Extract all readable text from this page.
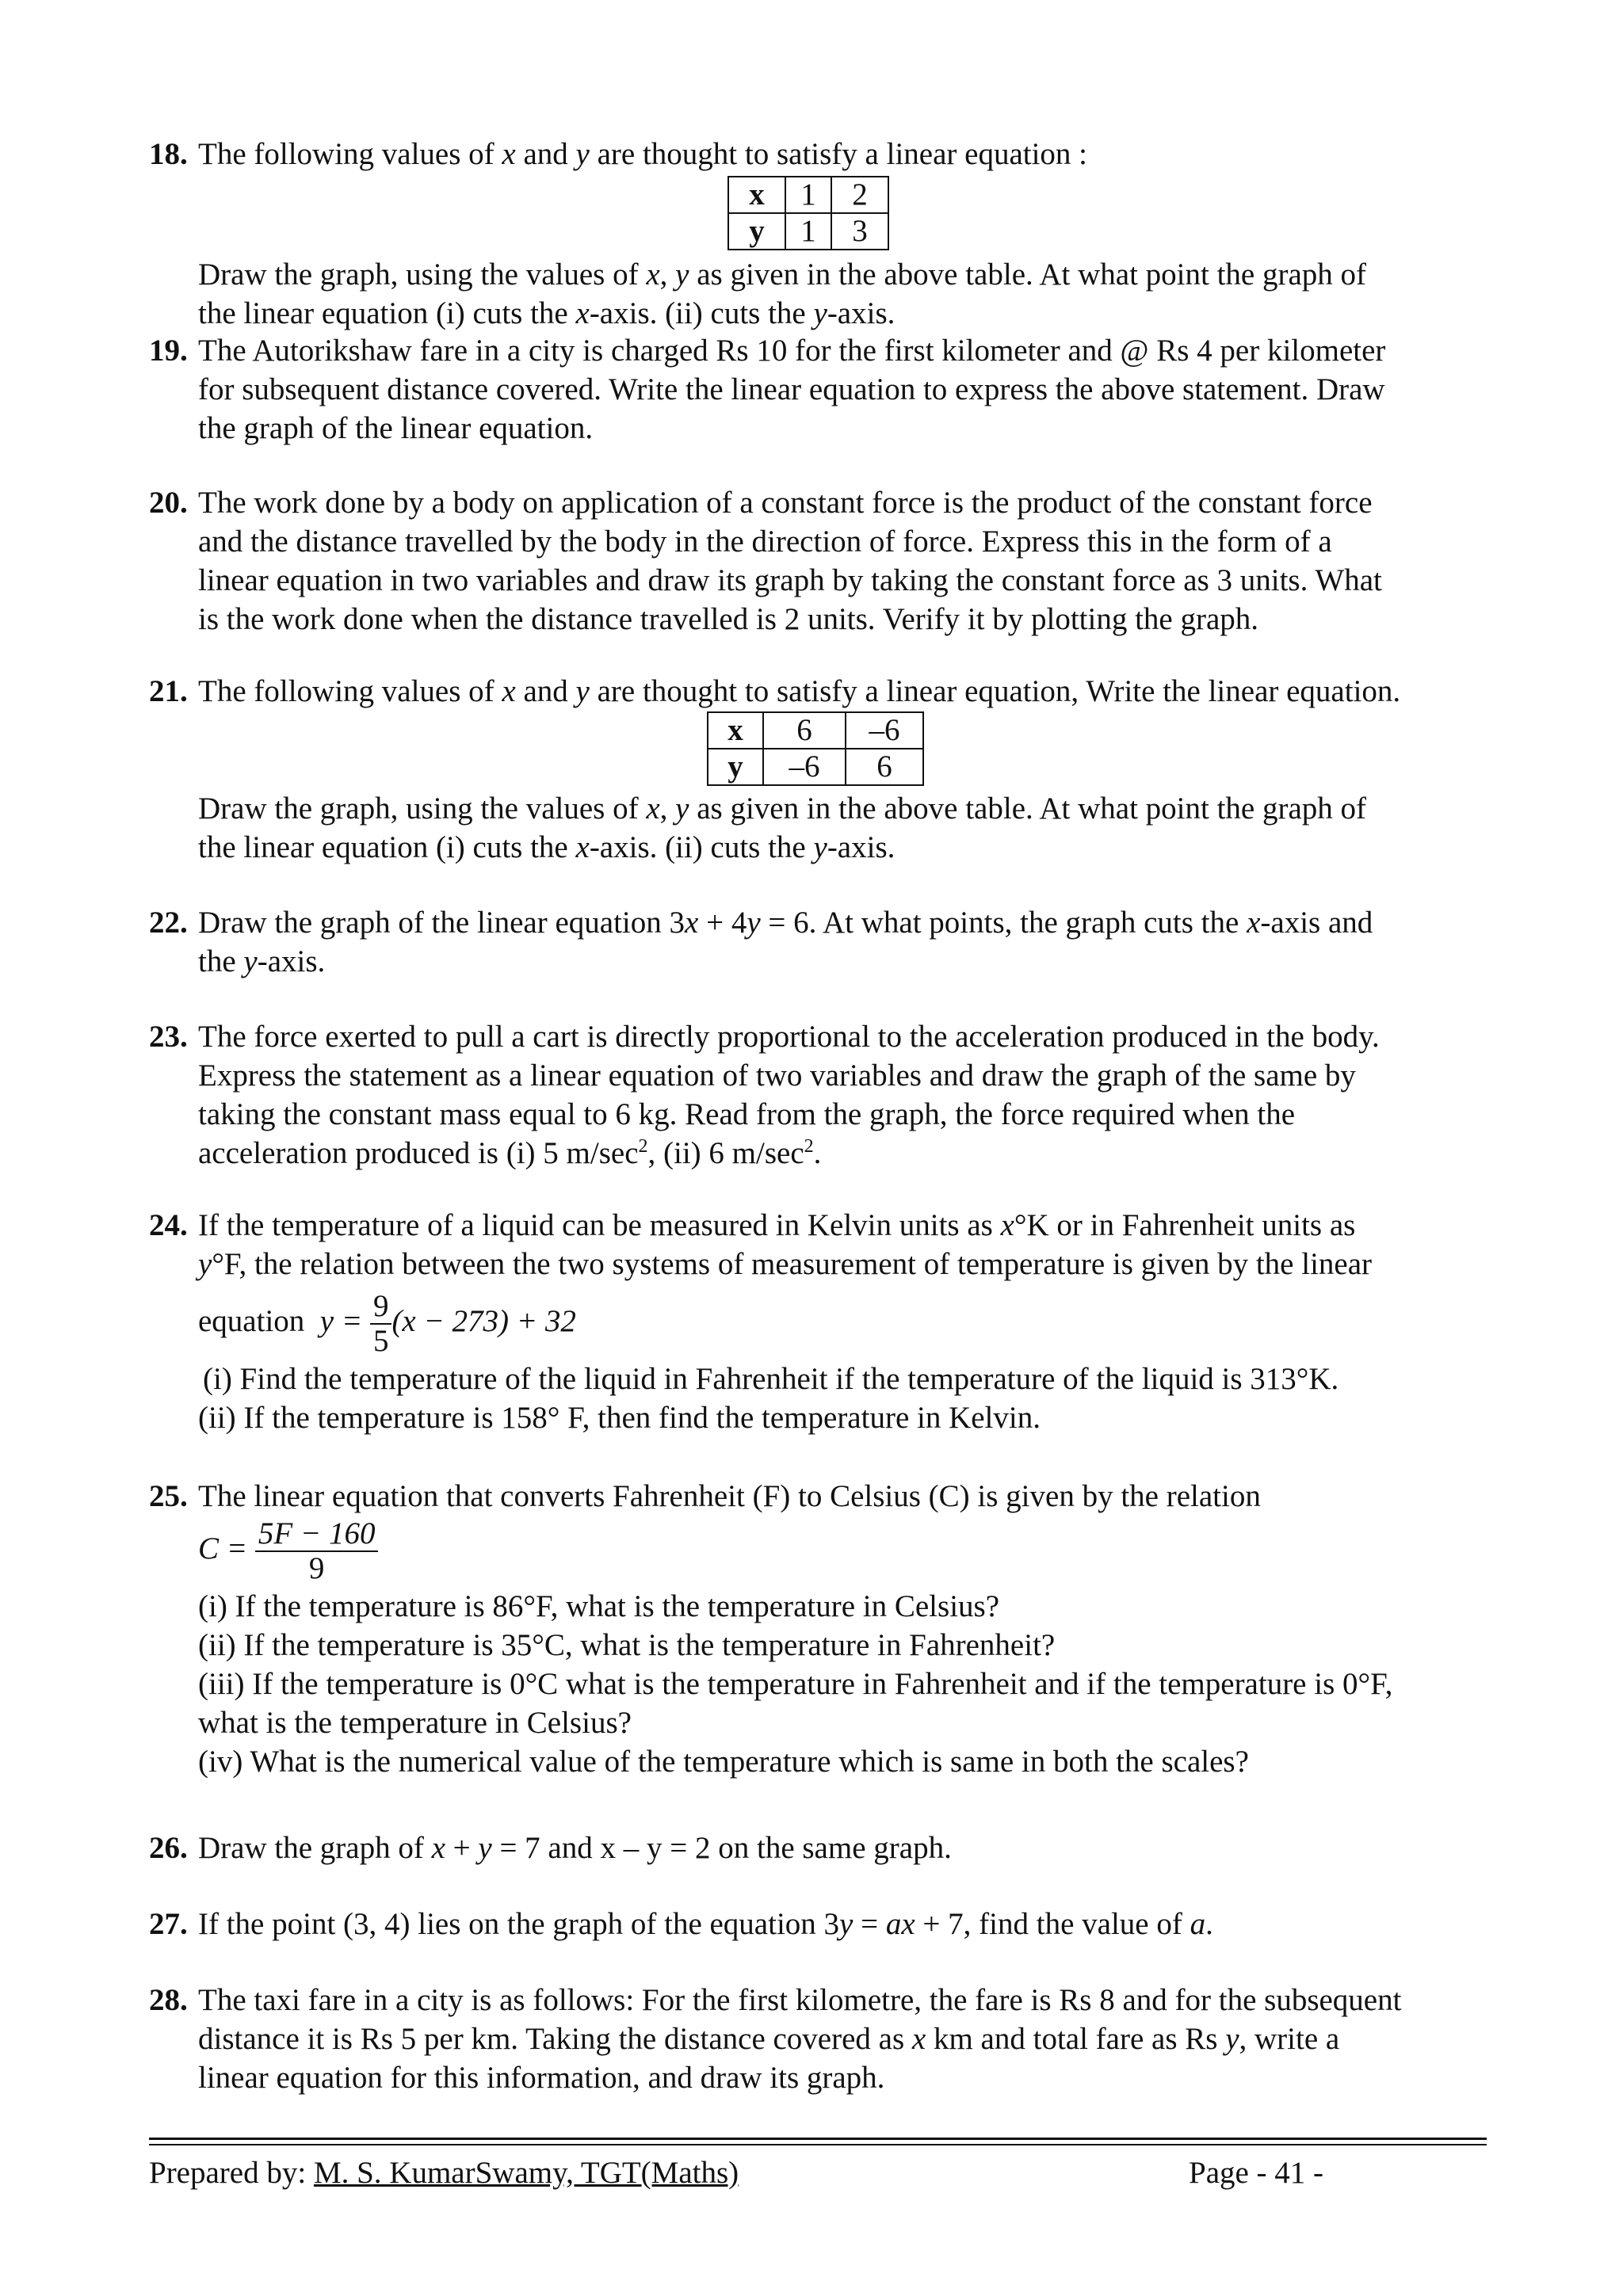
18. The following values of x and y are thought to satisfy a linear equation :

x	1	2
y	1	3

Draw the graph, using the values of x, y as given in the above table. At what point the graph of

the linear equation (i) cuts the x-axis. (ii) cuts the y-axis.

19. The Autorikshaw fare in a city is charged Rs 10 for the first kilometer and @ Rs 4 per kilometer

for subsequent distance covered. Write the linear equation to express the above statement. Draw

the graph of the linear equation.

20. The work done by a body on application of a constant force is the product of the constant force

and the distance travelled by the body in the direction of force. Express this in the form of a

linear equation in two variables and draw its graph by taking the constant force as 3 units. What

is the work done when the distance travelled is 2 units. Verify it by plotting the graph.

21. The following values of x and y are thought to satisfy a linear equation, Write the linear equation.

x	6	–6
y	–6	6

Draw the graph, using the values of x, y as given in the above table. At what point the graph of

the linear equation (i) cuts the x-axis. (ii) cuts the y-axis.

22. Draw the graph of the linear equation 3x + 4y = 6. At what points, the graph cuts the x-axis and

the y-axis.

23. The force exerted to pull a cart is directly proportional to the acceleration produced in the body.

Express the statement as a linear equation of two variables and draw the graph of the same by

taking the constant mass equal to 6 kg. Read from the graph, the force required when the

acceleration produced is (i) 5 $m/\sec^2$, (ii) 6 $m/\sec^2$.

24. If the temperature of a liquid can be measured in Kelvin units as x°K or in Fahrenheit units as

y°F, the relation between the two systems of measurement of temperature is given by the linear

equation $y = \frac{9}{5} (x - 273) + 32$

(i) Find the temperature of the liquid in Fahrenheit if the temperature of the liquid is 313°K.

(ii) If the temperature is 158° F, then find the temperature in Kelvin.

25. The linear equation that converts Fahrenheit (F) to Celsius (C) is given by the relation

$C = \frac{5F - 160}{9}$

(i) If the temperature is 86°F, what is the temperature in Celsius?

(ii) If the temperature is 35°C, what is the temperature in Fahrenheit?

(iii) If the temperature is 0°C what is the temperature in Fahrenheit and if the temperature is 0°F,

what is the temperature in Celsius?

(iv) What is the numerical value of the temperature which is same in both the scales?

26. Draw the graph of x + y = 7 and x – y = 2 on the same graph.

27. If the point (3, 4) lies on the graph of the equation 3y = ax + 7, find the value of a.

28. The taxi fare in a city is as follows: For the first kilometre, the fare is Rs 8 and for the subsequent

distance it is Rs 5 per km. Taking the distance covered as x km and total fare as Rs y, write a

linear equation for this information, and draw its graph.

Prepared by: M. S. KumarSwamy, TGT(Maths)	Page - 41 -
